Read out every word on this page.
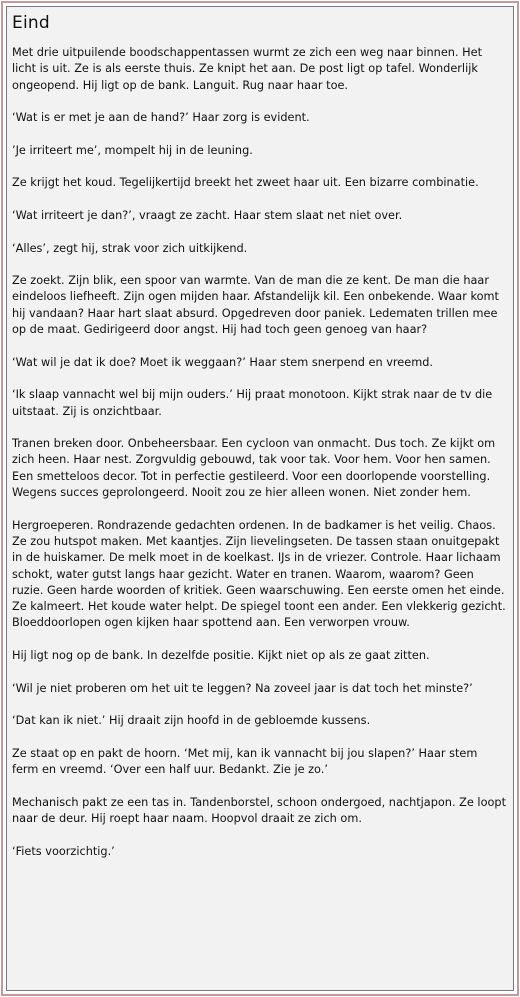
Eind

Met drie uitpuilende boodschappentassen wurmt ze zich een weg naar binnen. Het licht is uit. Ze is als eerste thuis. Ze knipt het aan. De post ligt op tafel. Wonderlijk ongeopend. Hij ligt op de bank. Languit. Rug naar haar toe.

‘Wat is er met je aan de hand?’ Haar zorg is evident.

’Je irriteert me’, mompelt hij in de leuning.

Ze krijgt het koud. Tegelijkertijd breekt het zweet haar uit. Een bizarre combinatie.

‘Wat irriteert je dan?’, vraagt ze zacht. Haar stem slaat net niet over.

‘Alles’, zegt hij, strak voor zich uitkijkend.

Ze zoekt. Zijn blik, een spoor van warmte. Van de man die ze kent. De man die haar eindeloos liefheeft. Zijn ogen mijden haar. Afstandelijk kil. Een onbekende. Waar komt hij vandaan? Haar hart slaat absurd. Opgedreven door paniek. Ledematen trillen mee op de maat. Gedirigeerd door angst. Hij had toch geen genoeg van haar?

‘Wat wil je dat ik doe? Moet ik weggaan?’ Haar stem snerpend en vreemd.

‘Ik slaap vannacht wel bij mijn ouders.’ Hij praat monotoon. Kijkt strak naar de tv die uitstaat. Zij is onzichtbaar.

Tranen breken door. Onbeheersbaar. Een cycloon van onmacht. Dus toch. Ze kijkt om zich heen. Haar nest. Zorgvuldig gebouwd, tak voor tak. Voor hem. Voor hen samen. Een smetteloos decor. Tot in perfectie gestileerd. Voor een doorlopende voorstelling. Wegens succes geprolongeerd. Nooit zou ze hier alleen wonen. Niet zonder hem.

Hergroeperen. Rondrazende gedachten ordenen. In de badkamer is het veilig. Chaos. Ze zou hutspot maken. Met kaantjes. Zijn lievelingseten. De tassen staan onuitgepakt in de huiskamer. De melk moet in de koelkast. IJs in de vriezer. Controle. Haar lichaam schokt, water gutst langs haar gezicht. Water en tranen. Waarom, waarom? Geen ruzie. Geen harde woorden of kritiek. Geen waarschuwing. Een eerste omen het einde. Ze kalmeert. Het koude water helpt. De spiegel toont een ander. Een vlekkerig gezicht. Bloeddoorlopen ogen kijken haar spottend aan. Een verworpen vrouw.

Hij ligt nog op de bank. In dezelfde positie. Kijkt niet op als ze gaat zitten.

‘Wil je niet proberen om het uit te leggen? Na zoveel jaar is dat toch het minste?’

‘Dat kan ik niet.’ Hij draait zijn hoofd in de gebloemde kussens.

Ze staat op en pakt de hoorn. ‘Met mij, kan ik vannacht bij jou slapen?’ Haar stem ferm en vreemd. ‘Over een half uur. Bedankt. Zie je zo.’

Mechanisch pakt ze een tas in. Tandenborstel, schoon ondergoed, nachtjapon. Ze loopt naar de deur. Hij roept haar naam. Hoopvol draait ze zich om.

‘Fiets voorzichtig.’
